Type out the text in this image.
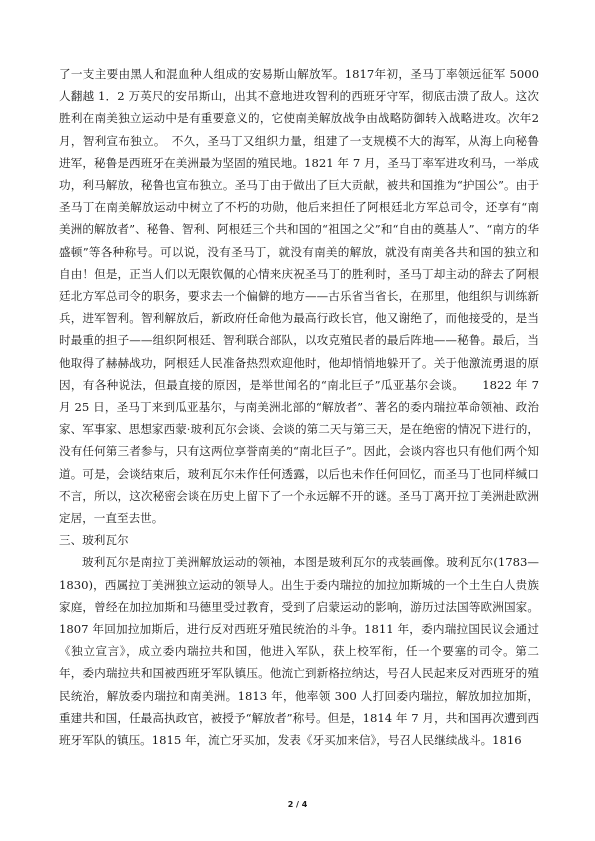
了一支主要由黑人和混血种人组成的安易斯山解放军。1817年初，圣马丁率领远征军 5000人翻越 1．2 万英尺的安吊斯山，出其不意地进攻智利的西班牙守军，彻底击溃了敌人。这次胜利在南美独立运动中是有重要意义的，它使南美解放战争由战略防御转入战略进攻。次年2 月，智利宣布独立。　不久，圣马丁又组织力量，组建了一支规模不大的海军，从海上向秘鲁进军，秘鲁是西班牙在美洲最为坚固的殖民地。1821 年 7 月，圣马丁率军进攻利马，一举成功，利马解放，秘鲁也宣布独立。圣马丁由于做出了巨大贡献，被共和国推为“护国公”。由于圣马丁在南美解放运动中树立了不朽的功勋，他后来担任了阿根廷北方军总司令，还享有“南美洲的解放者”、秘鲁、智利、阿根廷三个共和国的“祖国之父”和“自由的奠基人”、“南方的华盛顿”等各种称号。可以说，没有圣马丁，就没有南美的解放，就没有南美各共和国的独立和自由！但是，正当人们以无限钦佩的心情来庆祝圣马丁的胜利时，圣马丁却主动的辞去了阿根廷北方军总司令的职务，要求去一个偏僻的地方——古乐省当省长，在那里，他组织与训练新兵，进军智利。智利解放后，新政府任命他为最高行政长官，他又谢绝了，而他接受的，是当时最重的担子——组织阿根廷、智利联合部队，以攻克殖民者的最后阵地——秘鲁。最后，当他取得了赫赫战功，阿根廷人民准备热烈欢迎他时，他却悄悄地躲开了。关于他激流勇退的原因，有各种说法，但最直接的原因，是举世闻名的“南北巨子”瓜亚基尔会谈。　　1822 年 7 月 25 日，圣马丁来到瓜亚基尔，与南美洲北部的“解放者”、著名的委内瑞拉革命领袖、政治家、军事家、思想家西蒙·玻利瓦尔会谈、会谈的第二天与第三天，是在绝密的情况下进行的，没有任何第三者参与，只有这两位享誉南美的“南北巨子”。因此，会谈内容也只有他们两个知道。可是，会谈结束后，玻利瓦尔未作任何透露，以后也未作任何回忆，而圣马丁也同样缄口不言，所以，这次秘密会谈在历史上留下了一个永远解不开的谜。圣马丁离开拉丁美洲赴欧洲定居，一直至去世。

三、玻利瓦尔

玻利瓦尔是南拉丁美洲解放运动的领袖，本图是玻利瓦尔的戎装画像。玻利瓦尔(1783—1830)，西属拉丁美洲独立运动的领导人。出生于委内瑞拉的加拉加斯城的一个土生白人贵族家庭，曾经在加拉加斯和马德里受过教育，受到了启蒙运动的影响，游历过法国等欧洲国家。1807 年回加拉加斯后，进行反对西班牙殖民统治的斗争。1811 年，委内瑞拉国民议会通过《独立宣言》，成立委内瑞拉共和国，他进入军队，获上校军衔，任一个要塞的司令。第二年，委内瑞拉共和国被西班牙军队镇压。他流亡到新格拉纳达，号召人民起来反对西班牙的殖民统治，解放委内瑞拉和南美洲。1813 年，他率领 300 人打回委内瑞拉，解放加拉加斯，重建共和国，任最高执政官，被授予“解放者”称号。但是，1814 年 7 月，共和国再次遭到西班牙军队的镇压。1815 年，流亡牙买加，发表《牙买加来信》，号召人民继续战斗。1816

2 / 4
